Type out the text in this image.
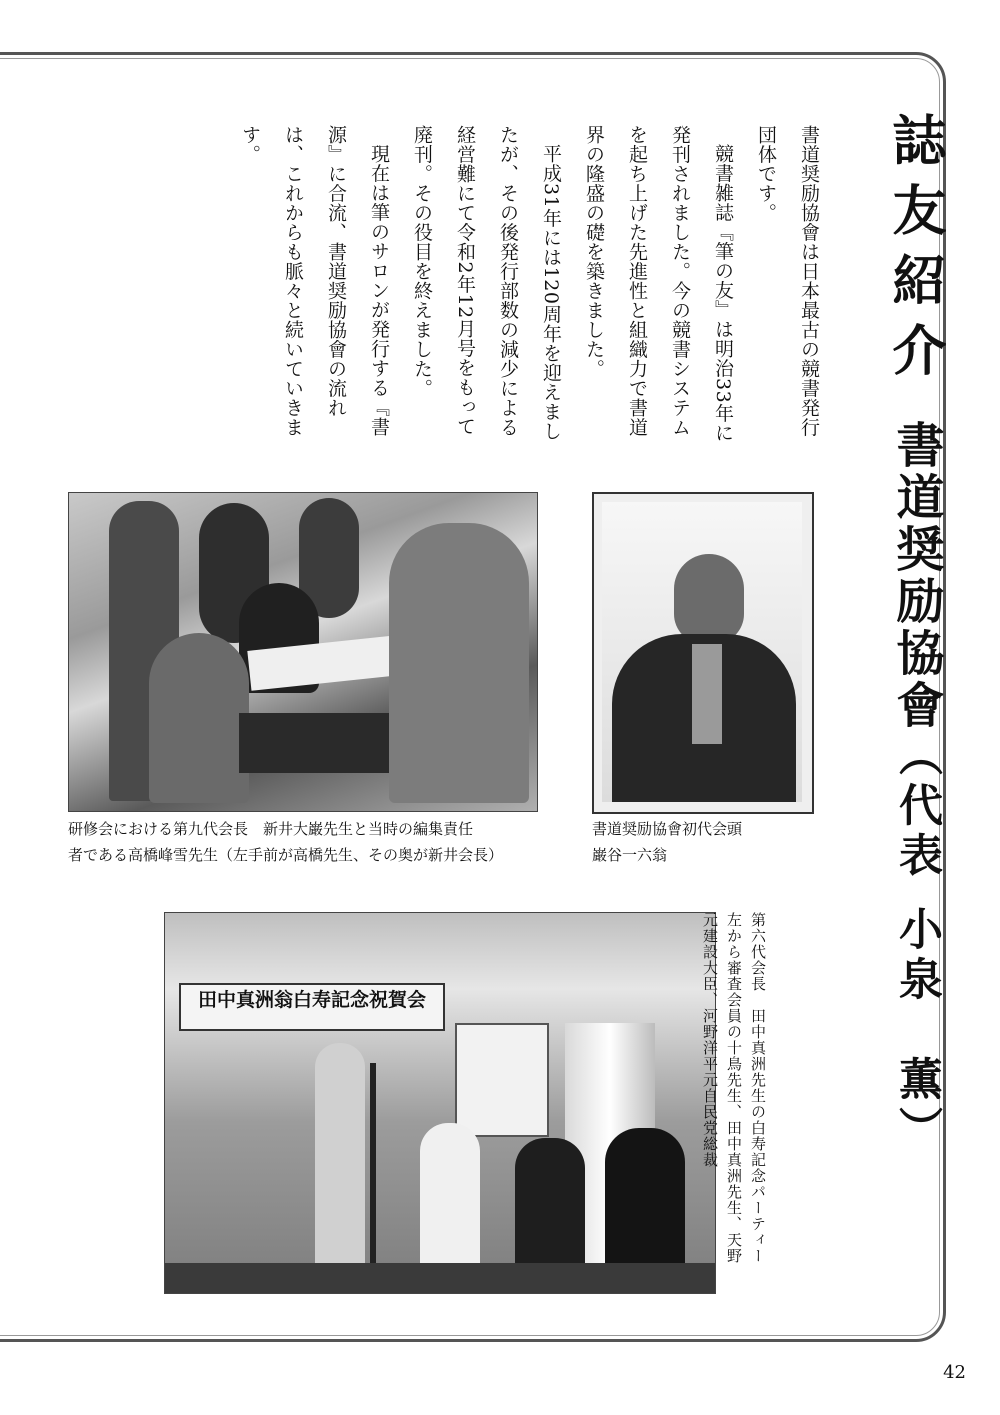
誌友紹介
書道奨励協會（代表小泉　薫）

書道奨励協會は日本最古の競書発行団体です。

競書雑誌『筆の友』は明治33年に発刊されました。今の競書システムを起ち上げた先進性と組織力で書道界の隆盛の礎を築きました。

平成31年には120周年を迎えましたが、その後発行部数の減少による経営難にて令和2年12月号をもって廃刊。その役目を終えました。

現在は筆のサロンが発行する『書源』に合流、書道奨励協會の流れは、これからも脈々と続いていきます。

研修会における第九代会長　新井大巌先生と当時の編集責任

者である高橋峰雪先生（左手前が高橋先生、その奥が新井会長）

書道奨励協會初代会頭

巌谷一六翁

田中真洲翁白寿記念祝賀会	第六代会長　田中真洲先生の白寿記念パーティー

左から審査会員の十鳥先生、田中真洲先生、天野

元建設大臣、河野洋平元自民党総裁

42
